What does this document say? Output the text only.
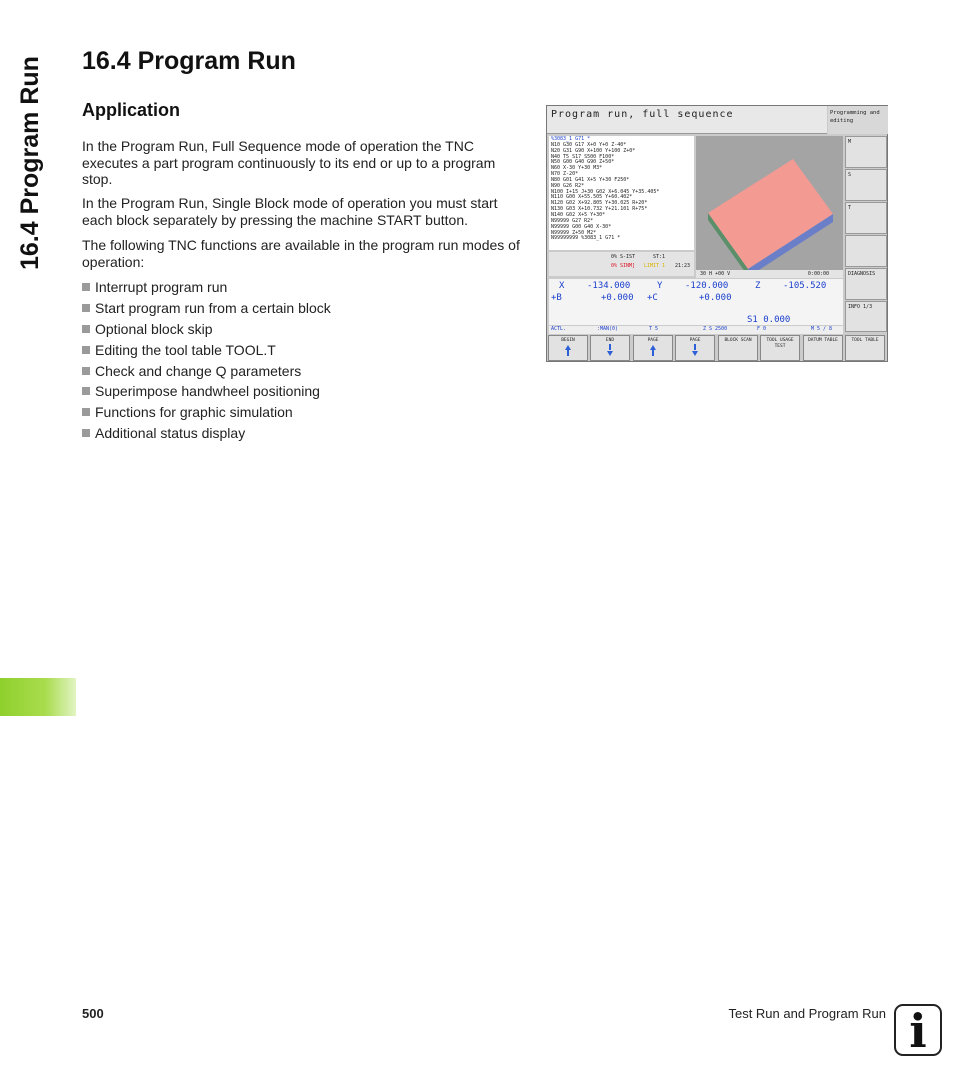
16.4 Program Run 16.4 Program Run
Application

In the Program Run, Full Sequence mode of operation the TNC executes a part program continuously to its end or up to a program stop.

In the Program Run, Single Block mode of operation you must start each block separately by pressing the machine START button.

The following TNC functions are available in the program run modes of operation:

Interrupt program run
Start program run from a certain block
Optional block skip
Editing the tool table TOOL.T
Check and change Q parameters
Superimpose handwheel positioning
Functions for graphic simulation
Additional status display
Program run, full sequence	Programming and editing
%3083_1 G71 *
N10 G30 G17 X+0 Y+0 Z-40*
N20 G31 G90 X+100 Y+100 Z+0*
N40 T5 S17 S500 F100*
N50 G00 G40 G90 Z+50*
N60 X-30 Y+30 M3*
N70 Z-20*
N80 G01 G41 X+5 Y+30 F250*
N90 G26 R2*
N100 I+15 J+30 G02 X+6.045 Y+35.405*
N110 G00 X+55.505 Y+60.402*
N120 G02 X+92.805 Y+30.025 R+20*
N130 G03 X+10.732 Y+21.101 R+75*
N140 G02 X+5 Y+30*
N99999 G27 R2*
N99999 G00 G40 X-30*
N99999 Z+50 M2*
N99999999 %3083_1 G71 *
0% S-IST	ST:1
0% SINM] LIMIT 1 21:23
30 H +00 V	0:00:00
X	-134.000	Y	-120.000	Z	-105.520
+B	+0.000 +C	+0.000
S1 0.000
ACTL.	:MAN(0)	T 5	Z S 2500	F 0	M 5 / 8
M
S
T
DIAGNOSIS
INFO 1/3
BEGIN	END	PAGE	PAGE	BLOCK SCAN	TOOL USAGE TEST
DATUM TABLE	TOOL TABLE
500	Test Run and Program Run i
